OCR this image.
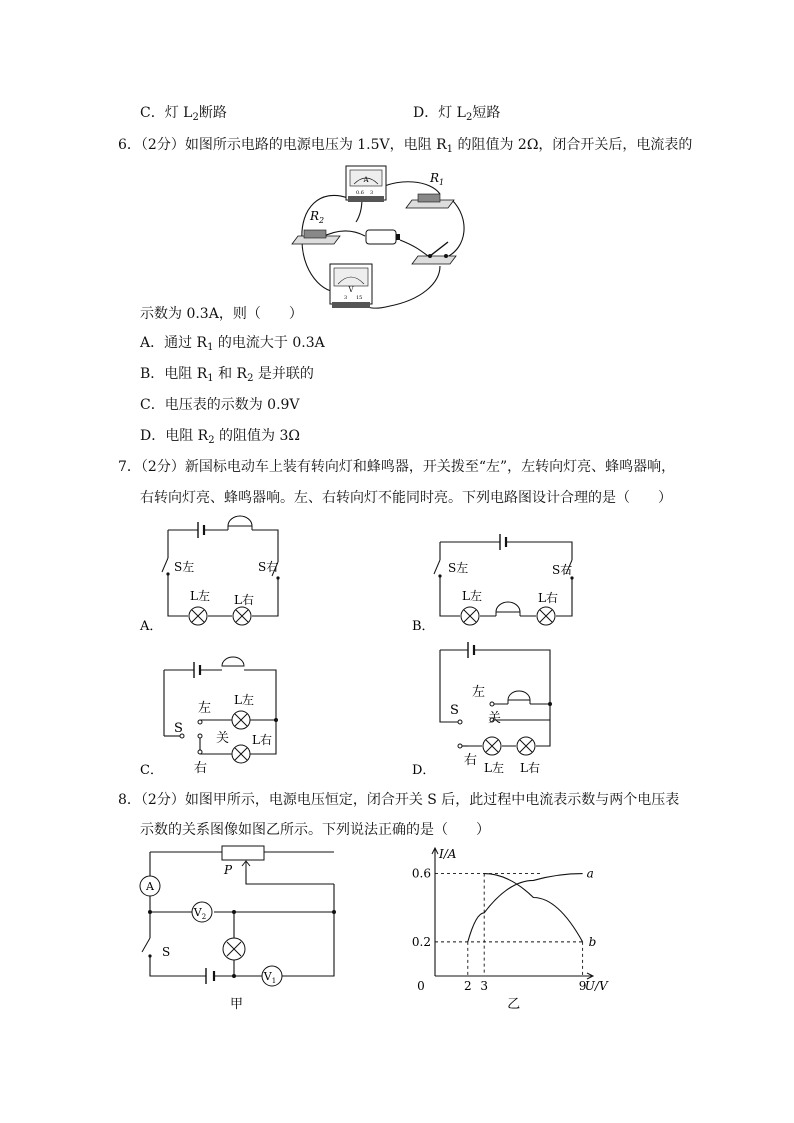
C．灯 $L_2$断路	D．灯 $L_2$短路
6．（2分）如图所示电路的电源电压为 1.5V，电阻 $R_1$ 的阻值为 2Ω，闭合开关后，电流表的
A
0.6 3
$R_1$
$R_2$
V
3 15
示数为 0.3A，则（　　）
A．通过 $R_1$ 的电流大于 0.3A
B．电阻 $R_1$ 和 $R_2$ 是并联的
C．电压表的示数为 0.9V
D．电阻 $R_2$ 的阻值为 3Ω
7．（2分）新国标电动车上装有转向灯和蜂鸣器，开关拨至“左”，左转向灯亮、蜂鸣器响，
右转向灯亮、蜂鸣器响。左、右转向灯不能同时亮。下列电路图设计合理的是（　　）
S左	S右
L左 L右
A．
S左	S右
L左	L右
B．
左
L左
S
关 L右
右
C．
左
S
关
右 L左 L右
D．
8．（2分）如图甲所示，电源电压恒定，闭合开关 S 后，此过程中电流表示数与两个电压表
示数的关系图像如图乙所示。下列说法正确的是（　　）
P
A
$V_2$
S
$V_1$
甲
I/A
U/V
0	2 3	9
0.2
0.6
乙
a
b
